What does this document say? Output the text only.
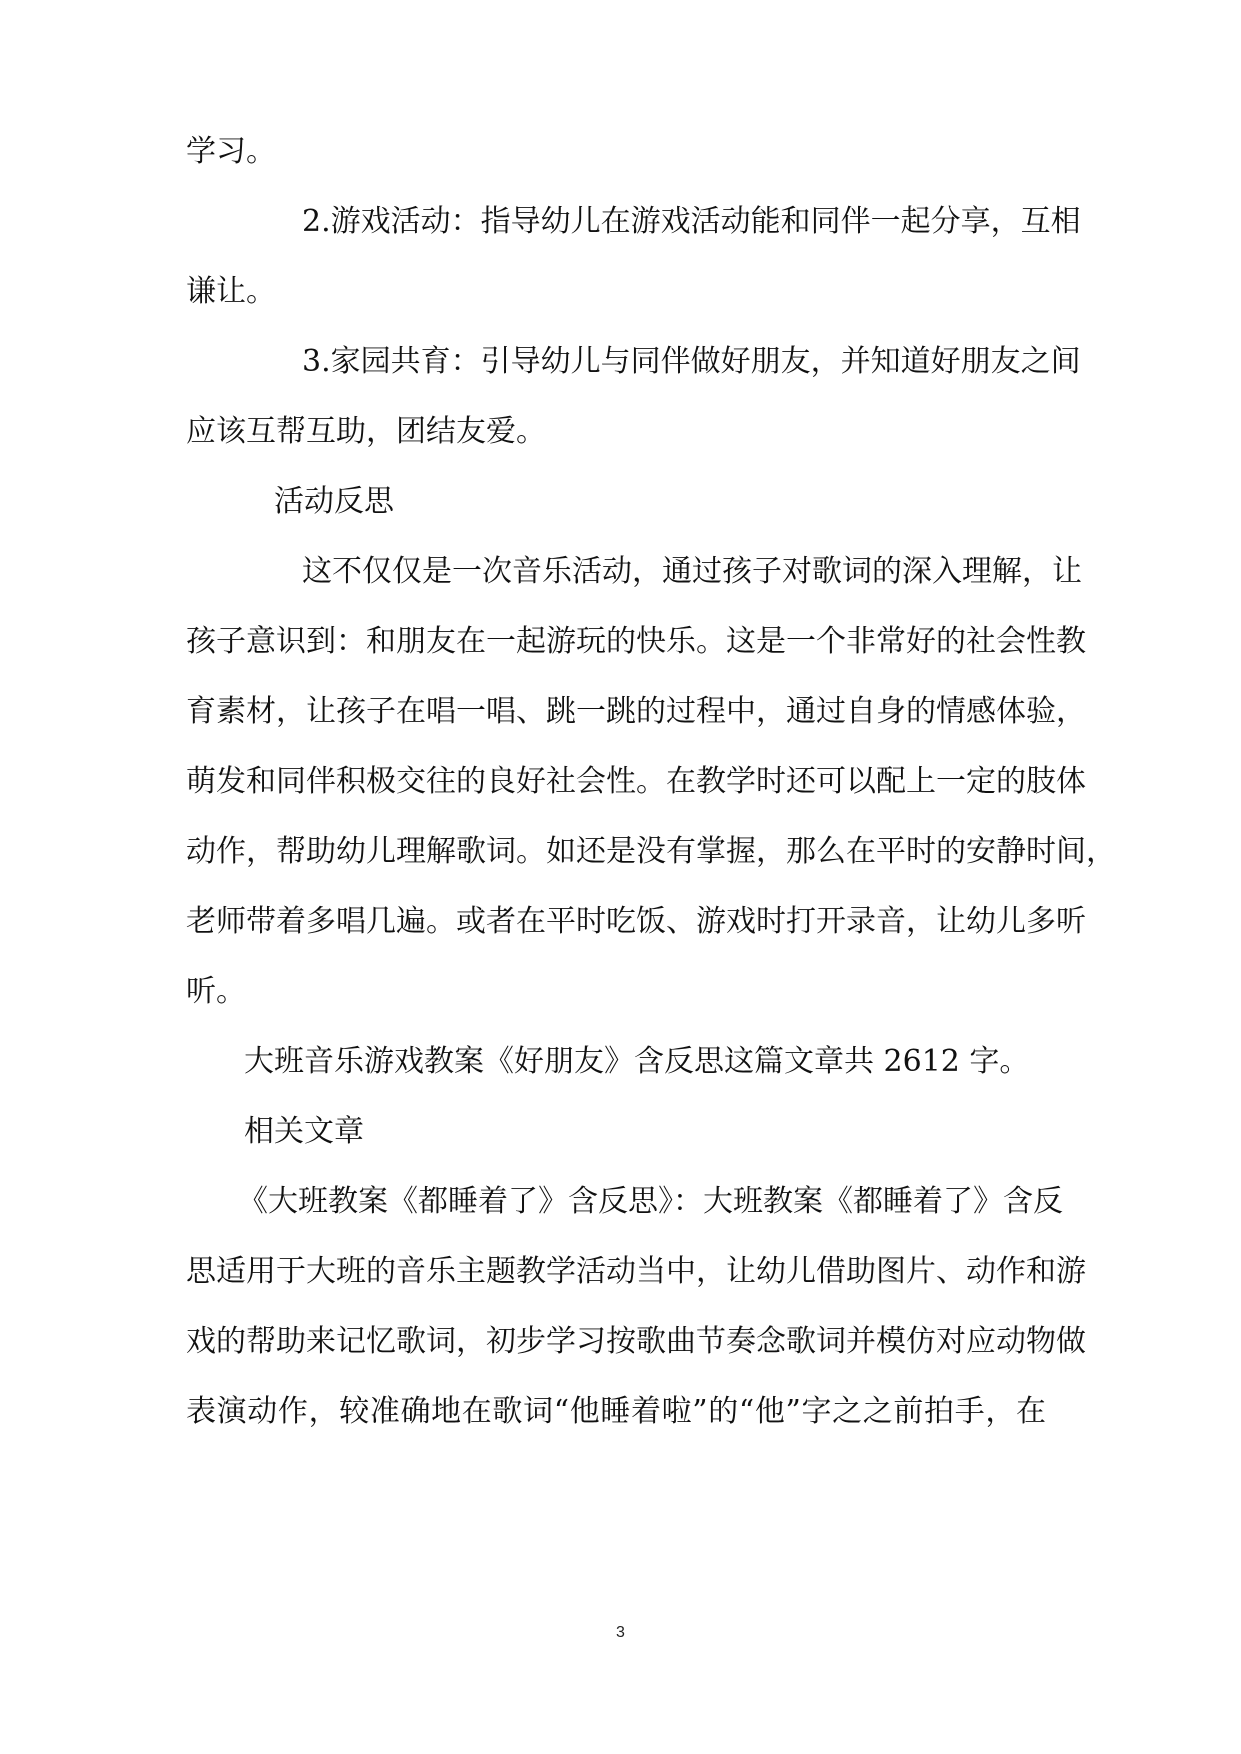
学习。

2.游戏活动：指导幼儿在游戏活动能和同伴一起分享，互相

谦让。

3.家园共育：引导幼儿与同伴做好朋友，并知道好朋友之间

应该互帮互助，团结友爱。

活动反思

这不仅仅是一次音乐活动，通过孩子对歌词的深入理解，让

孩子意识到：和朋友在一起游玩的快乐。这是一个非常好的社会性教

育素材，让孩子在唱一唱、跳一跳的过程中，通过自身的情感体验，

萌发和同伴积极交往的良好社会性。在教学时还可以配上一定的肢体

动作，帮助幼儿理解歌词。如还是没有掌握，那么在平时的安静时间，

老师带着多唱几遍。或者在平时吃饭、游戏时打开录音，让幼儿多听

听。

大班音乐游戏教案《好朋友》含反思这篇文章共 2612 字。

相关文章

《大班教案《都睡着了》含反思》：大班教案《都睡着了》含反

思适用于大班的音乐主题教学活动当中，让幼儿借助图片、动作和游

戏的帮助来记忆歌词，初步学习按歌曲节奏念歌词并模仿对应动物做

表演动作，较准确地在歌词“他睡着啦”的“他”字之之前拍手，在

3
